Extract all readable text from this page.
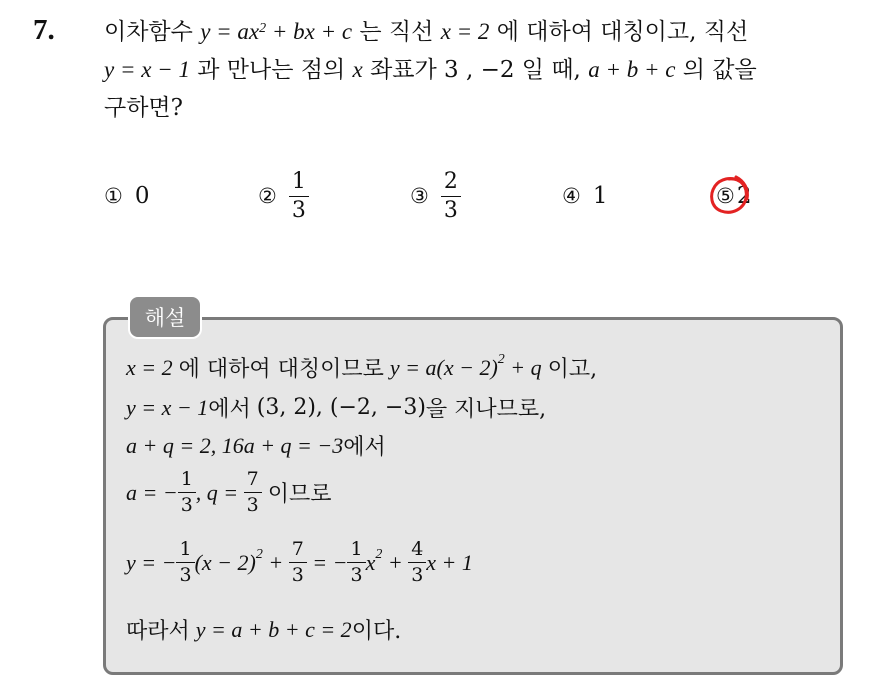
7. 이차함수 $y = ax^2$ + bx + c 는 직선 x = 2 에 대하여 대칭이고, 직선
y = x − 1 과 만나는 점의 x 좌표가 3 , −2 일 때, a + b + c 의 값을
구하면?
① 0	② $\frac{1}{3}$	③ $\frac{2}{3}$	④ 1	⑤ 2
해설
x = 2 에 대하여 대칭이므로 $y = a(x - 2)^2 + q$ 이고,
y = x − 1 에서 (3, 2), (−2, −3) 을 지나므로,
a + q = 2, 16a + q = −3 에서
a = − $\frac{1}{3}$ , $q = \frac{7}{3}$ 이므로
y = − $\frac{1}{3} (x - 2)^2 + \frac{7}{3}$ = − $\frac{1}{3} x^2 + \frac{4}{3}$ x + 1
따라서 y = a + b + c = 2 이다.
